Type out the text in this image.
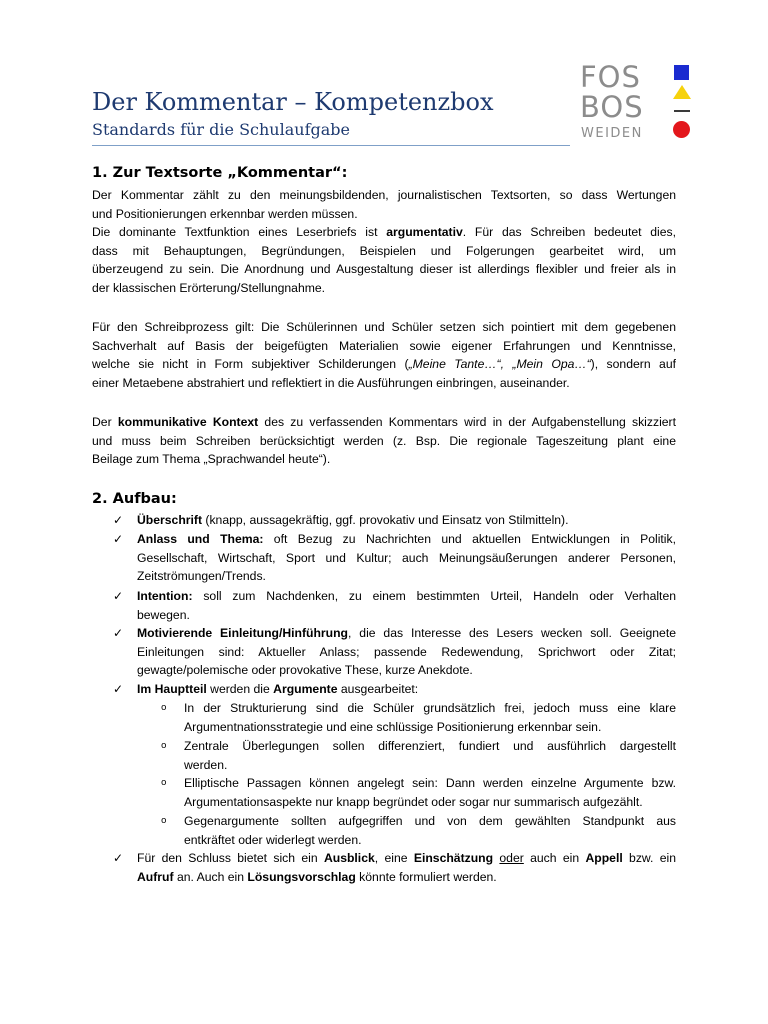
FOS
BOS
WEIDEN
Der Kommentar – Kompetenzbox
Standards für die Schulaufgabe
1. Zur Textsorte „Kommentar“:
Der Kommentar zählt zu den meinungsbildenden, journalistischen Textsorten, so dass Wertungen
und Positionierungen erkennbar werden müssen.
Die dominante Textfunktion eines Leserbriefs ist argumentativ. Für das Schreiben bedeutet dies,
dass mit Behauptungen, Begründungen, Beispielen und Folgerungen gearbeitet wird, um
überzeugend zu sein. Die Anordnung und Ausgestaltung dieser ist allerdings flexibler und freier als in
der klassischen Erörterung/Stellungnahme.
Für den Schreibprozess gilt: Die Schülerinnen und Schüler setzen sich pointiert mit dem gegebenen
Sachverhalt auf Basis der beigefügten Materialien sowie eigener Erfahrungen und Kenntnisse,
welche sie nicht in Form subjektiver Schilderungen („Meine Tante…“, „Mein Opa…“), sondern auf
einer Metaebene abstrahiert und reflektiert in die Ausführungen einbringen, auseinander.
Der kommunikative Kontext des zu verfassenden Kommentars wird in der Aufgabenstellung skizziert
und muss beim Schreiben berücksichtigt werden (z. Bsp. Die regionale Tageszeitung plant eine
Beilage zum Thema „Sprachwandel heute“).
2. Aufbau:
✓ Überschrift (knapp, aussagekräftig, ggf. provokativ und Einsatz von Stilmitteln).
✓ Anlass und Thema: oft Bezug zu Nachrichten und aktuellen Entwicklungen in Politik,
Gesellschaft, Wirtschaft, Sport und Kultur; auch Meinungsäußerungen anderer Personen,
Zeitströmungen/Trends.
✓ Intention: soll zum Nachdenken, zu einem bestimmten Urteil, Handeln oder Verhalten
bewegen.
✓ Motivierende Einleitung/Hinführung, die das Interesse des Lesers wecken soll. Geeignete
Einleitungen sind: Aktueller Anlass; passende Redewendung, Sprichwort oder Zitat;
gewagte/polemische oder provokative These, kurze Anekdote.
✓ Im Hauptteil werden die Argumente ausgearbeitet:
o In der Strukturierung sind die Schüler grundsätzlich frei, jedoch muss eine klare
Argumentnationsstrategie und eine schlüssige Positionierung erkennbar sein.
o Zentrale Überlegungen sollen differenziert, fundiert und ausführlich dargestellt
werden.
o Elliptische Passagen können angelegt sein: Dann werden einzelne Argumente bzw.
Argumentationsaspekte nur knapp begründet oder sogar nur summarisch aufgezählt.
o Gegenargumente sollten aufgegriffen und von dem gewählten Standpunkt aus
entkräftet oder widerlegt werden.
✓ Für den Schluss bietet sich ein Ausblick, eine Einschätzung oder auch ein Appell bzw. ein
Aufruf an. Auch ein Lösungsvorschlag könnte formuliert werden.
